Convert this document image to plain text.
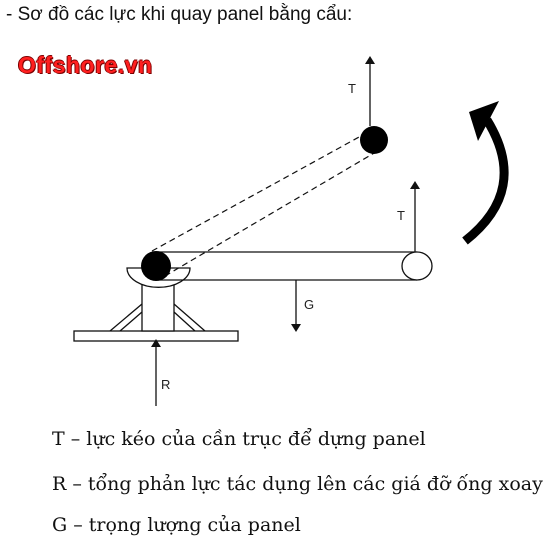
- Sơ đồ các lực khi quay panel bằng cẩu:
Offshore.vn
T
T
G
R
T – lực kéo của cần trục để dựng panel
R – tổng phản lực tác dụng lên các giá đỡ ống xoay
G – trọng lượng của panel
